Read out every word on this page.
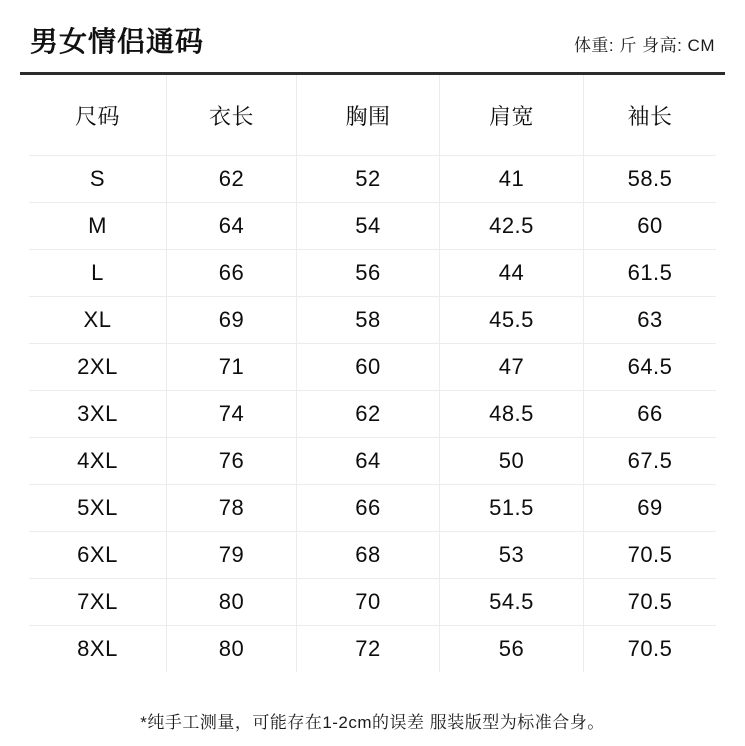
男女情侣通码	体重: 斤 身高: CM
尺码	衣长	胸围	肩宽	袖长
S	62	52	41	58.5
M	64	54	42.5	60
L	66	56	44	61.5
XL	69	58	45.5	63
2XL	71	60	47	64.5
3XL	74	62	48.5	66
4XL	76	64	50	67.5
5XL	78	66	51.5	69
6XL	79	68	53	70.5
7XL	80	70	54.5	70.5
8XL	80	72	56	70.5
*纯手工测量，可能存在1-2cm的误差 服装版型为标准合身。
